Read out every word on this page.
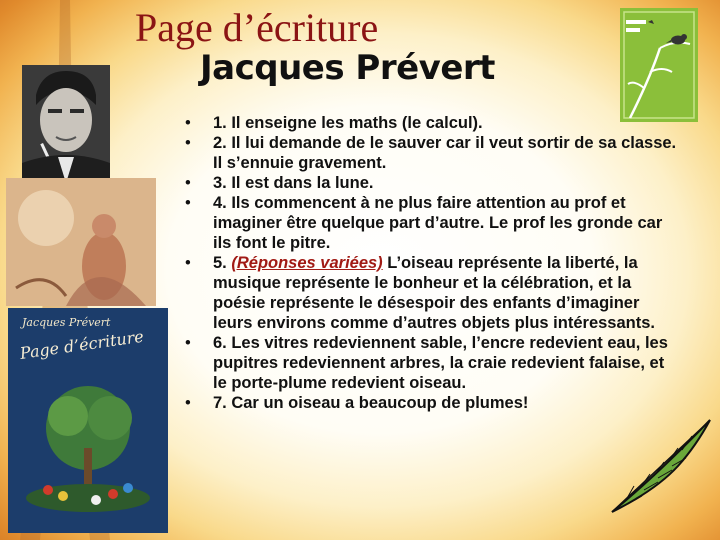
Page d’écriture
Jacques Prévert
Jacques Prévert
Page d’écriture
• 1. Il enseigne les maths (le calcul).
• 2. Il lui demande de le sauver car il veut sortir de sa classe. Il s’ennuie gravement.
• 3. Il est dans la lune.
• 4. Ils commencent à ne plus faire attention au prof et imaginer être quelque part d’autre. Le prof les gronde car ils font le pitre.
• 5. (Réponses variées) L’oiseau représente la liberté, la musique représente le bonheur et la célébration, et la poésie représente le désespoir des enfants d’imaginer leurs environs comme d’autres objets plus intéressants.
• 6. Les vitres redeviennent sable, l’encre redevient eau, les pupitres redeviennent arbres, la craie redevient falaise, et le porte-plume redevient oiseau.
• 7. Car un oiseau a beaucoup de plumes!
